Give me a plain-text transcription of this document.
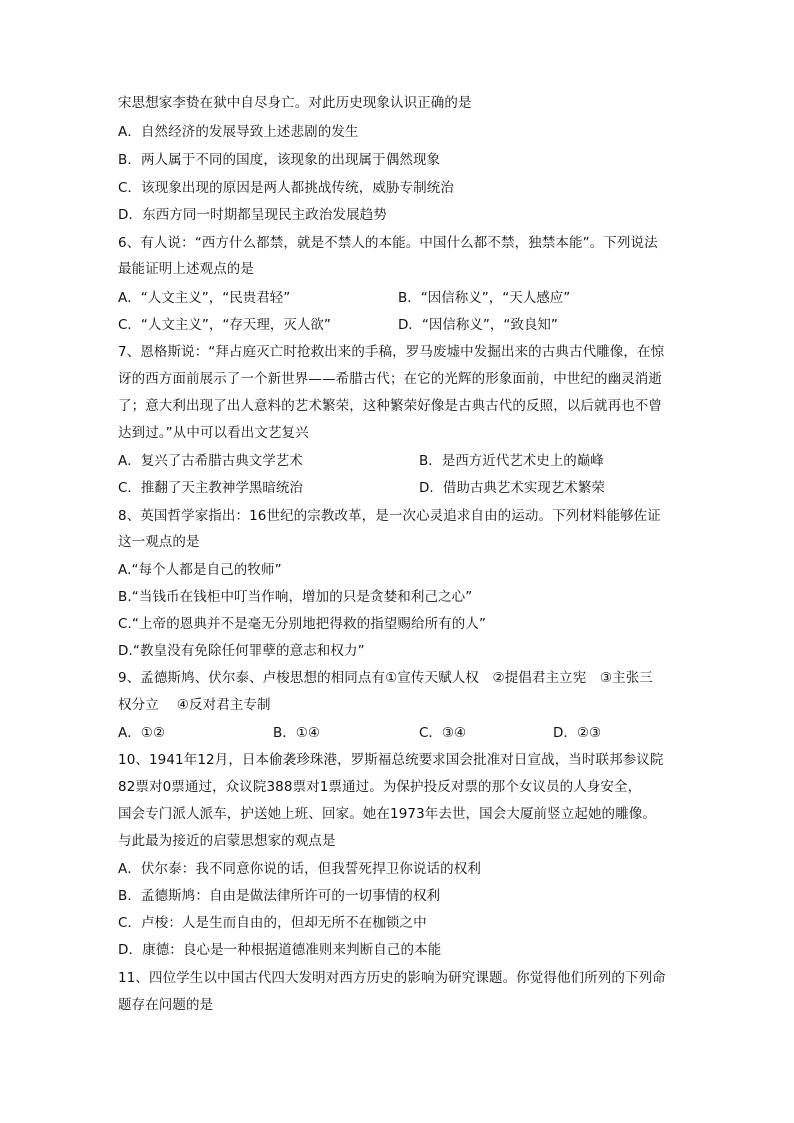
宋思想家李贽在狱中自尽身亡。对此历史现象认识正确的是
A．自然经济的发展导致上述悲剧的发生
B．两人属于不同的国度，该现象的出现属于偶然现象
C．该现象出现的原因是两人都挑战传统，威胁专制统治
D．东西方同一时期都呈现民主政治发展趋势
6、有人说：“西方什么都禁，就是不禁人的本能。中国什么都不禁，独禁本能”。下列说法
最能证明上述观点的是
A．“人文主义”，“民贵君轻”	B．“因信称义”，“天人感应”
C．“人文主义”，“存天理，灭人欲”	D．“因信称义”，“致良知”
7、恩格斯说：“拜占庭灭亡时抢救出来的手稿，罗马废墟中发掘出来的古典古代雕像，在惊
讶的西方面前展示了一个新世界——希腊古代；在它的光辉的形象面前，中世纪的幽灵消逝
了；意大利出现了出人意料的艺术繁荣，这种繁荣好像是古典古代的反照，以后就再也不曾
达到过。”从中可以看出文艺复兴
A．复兴了古希腊古典文学艺术	B．是西方近代艺术史上的巅峰
C．推翻了天主教神学黑暗统治	D．借助古典艺术实现艺术繁荣
8、英国哲学家指出：16世纪的宗教改革，是一次心灵追求自由的运动。下列材料能够佐证
这一观点的是
A.“每个人都是自己的牧师”
B.“当钱币在钱柜中叮当作响，增加的只是贪婪和利己之心”
C.“上帝的恩典并不是毫无分别地把得救的指望赐给所有的人”
D.“教皇没有免除任何罪孽的意志和权力”
9、孟德斯鸠、伏尔泰、卢梭思想的相同点有①宣传天赋人权　②提倡君主立宪　③主张三
权分立　 ④反对君主专制
A．①②	B．①④	C．③④	D．②③
10、1941年12月，日本偷袭珍珠港，罗斯福总统要求国会批准对日宣战，当时联邦参议院
82票对0票通过，众议院388票对1票通过。为保护投反对票的那个女议员的人身安全，
国会专门派人派车，护送她上班、回家。她在1973年去世，国会大厦前竖立起她的雕像。
与此最为接近的启蒙思想家的观点是
A．伏尔泰：我不同意你说的话，但我誓死捍卫你说话的权利
B．孟德斯鸠：自由是做法律所许可的一切事情的权利
C．卢梭：人是生而自由的，但却无所不在枷锁之中
D．康德：良心是一种根据道德准则来判断自己的本能
11、四位学生以中国古代四大发明对西方历史的影响为研究课题。你觉得他们所列的下列命
题存在问题的是
